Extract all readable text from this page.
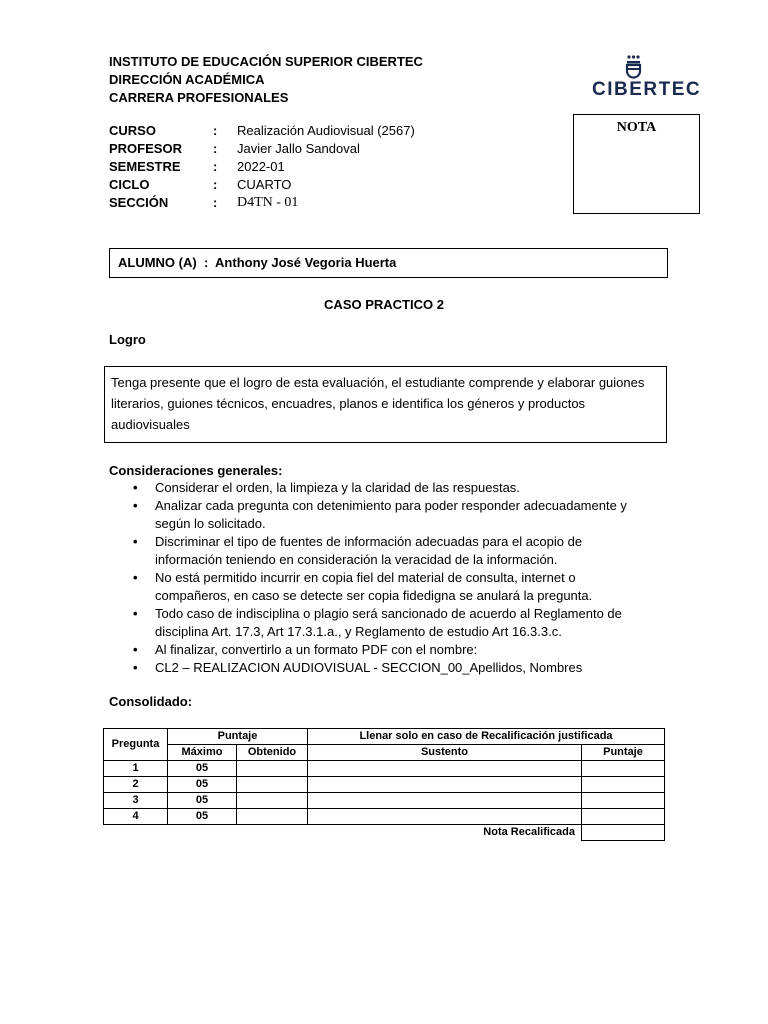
INSTITUTO DE EDUCACIÓN SUPERIOR CIBERTEC
DIRECCIÓN ACADÉMICA
CARRERA PROFESIONALES	CIBERTEC
NOTA
CURSO	: Realización Audiovisual (2567)
PROFESOR : Javier Jallo Sandoval
SEMESTRE : 2022-01
CICLO	: CUARTO
SECCIÓN	: D4TN - 01
ALUMNO (A) : Anthony José Vegoria Huerta
CASO PRACTICO 2
Logro
Tenga presente que el logro de esta evaluación, el estudiante comprende y elaborar guiones literarios, guiones técnicos, encuadres, planos e identifica los géneros y productos audiovisuales
Consideraciones generales:
• Considerar el orden, la limpieza y la claridad de las respuestas.
• Analizar cada pregunta con detenimiento para poder responder adecuadamente y según lo solicitado.
• Discriminar el tipo de fuentes de información adecuadas para el acopio de información teniendo en consideración la veracidad de la información.
• No está permitido incurrir en copia fiel del material de consulta, internet o compañeros, en caso se detecte ser copia fidedigna se anulará la pregunta.
• Todo caso de indisciplina o plagio será sancionado de acuerdo al Reglamento de disciplina Art. 17.3, Art 17.3.1.a., y Reglamento de estudio Art 16.3.3.c.
• Al finalizar, convertirlo a un formato PDF con el nombre:
• CL2 – REALIZACION AUDIOVISUAL - SECCION_00_Apellidos, Nombres
Consolidado:
Pregunta	Puntaje		Llenar solo en caso de Recalificación justificada	
	Máximo	Obtenido	Sustento	Puntaje
1	05			
2	05			
3	05			
4	05			
Nota Recalificada				
